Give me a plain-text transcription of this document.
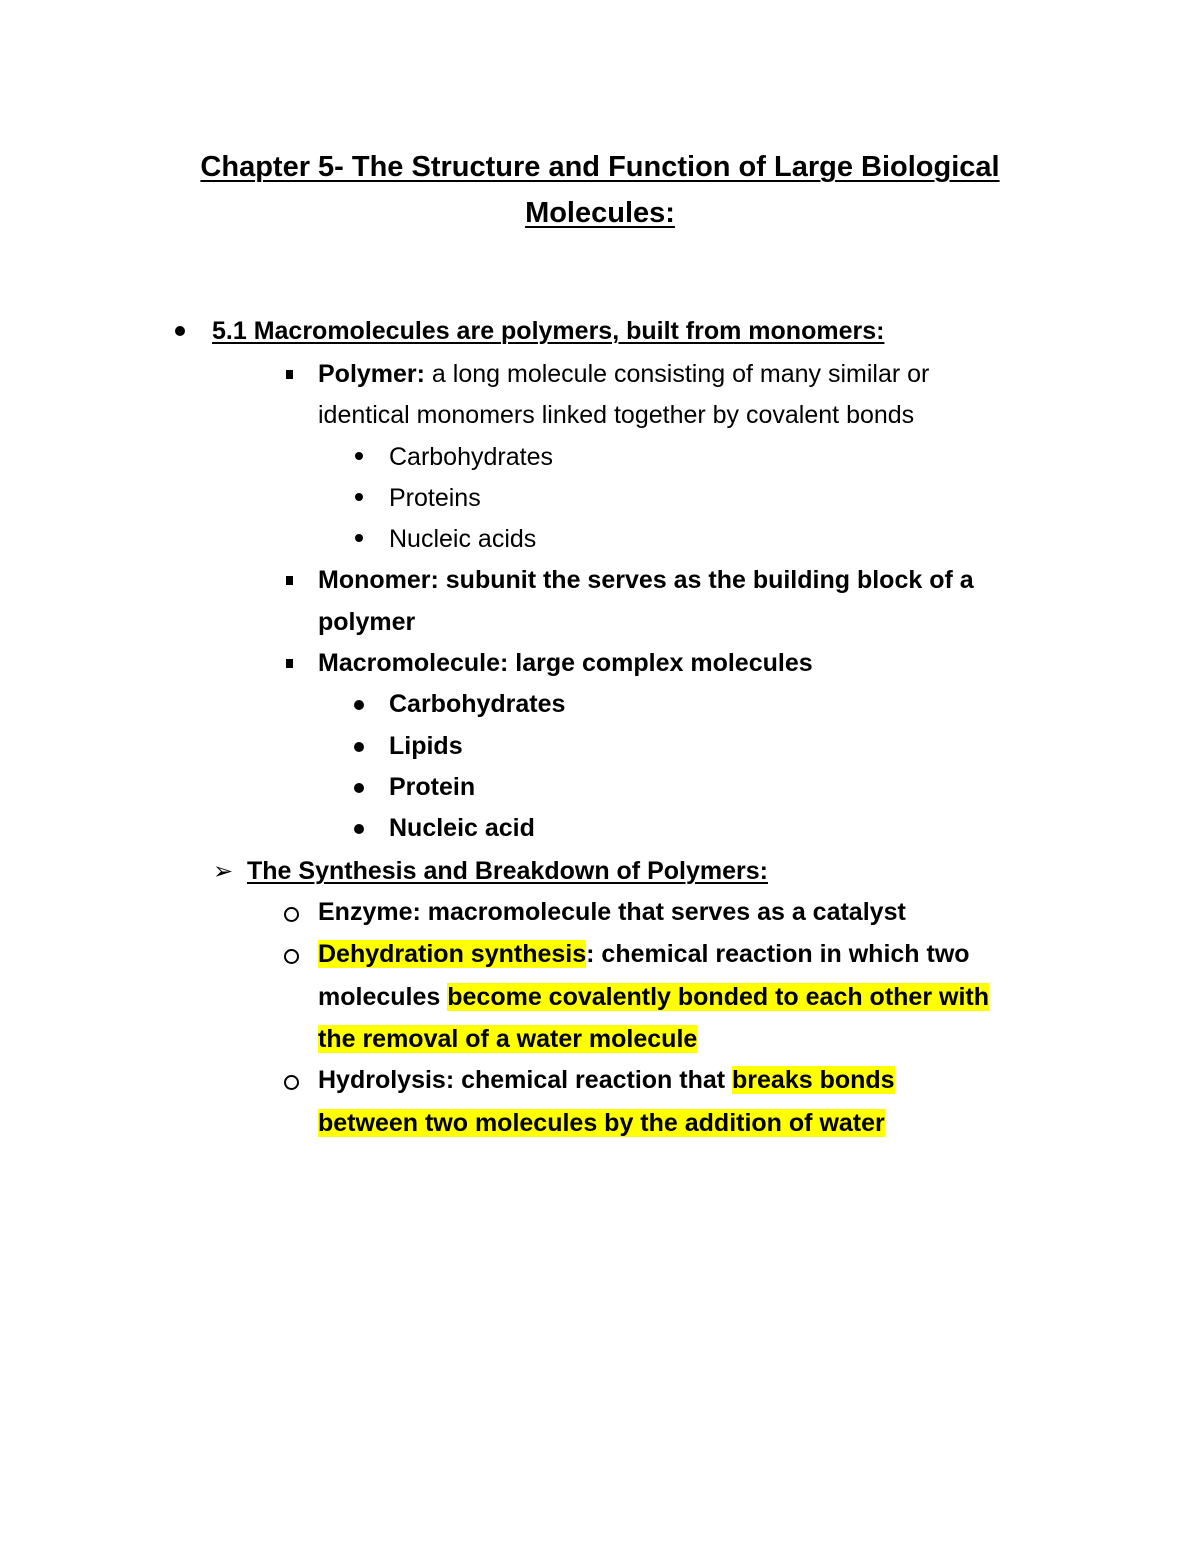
Chapter 5- The Structure and Function of Large Biological
Molecules:
5.1 Macromolecules are polymers, built from monomers:
Polymer: a long molecule consisting of many similar or
identical monomers linked together by covalent bonds
Carbohydrates
Proteins
Nucleic acids
Monomer: subunit the serves as the building block of a
polymer
Macromolecule: large complex molecules
Carbohydrates
Lipids
Protein
Nucleic acid
➢ The Synthesis and Breakdown of Polymers:
Enzyme: macromolecule that serves as a catalyst
Dehydration synthesis: chemical reaction in which two
molecules become covalently bonded to each other with
the removal of a water molecule
Hydrolysis: chemical reaction that breaks bonds
between two molecules by the addition of water
